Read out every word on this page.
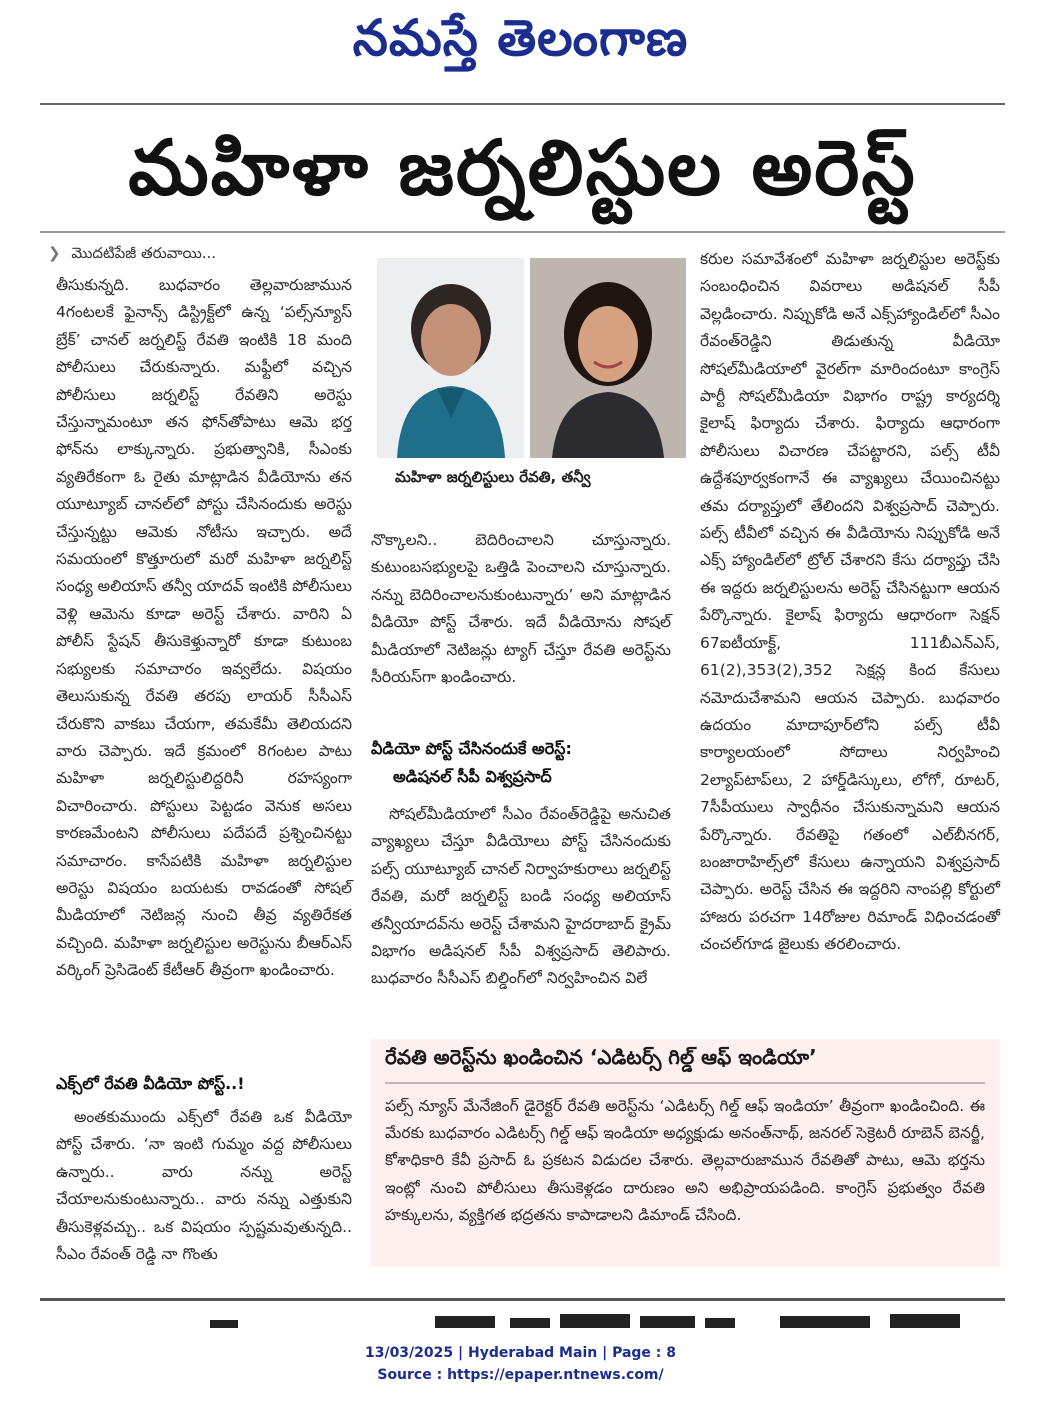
నమస్తే తెలంగాణ
మహిళా జర్నలిస్టుల అరెస్ట్
❯ మొదటిపేజీ తరువాయి...

తీసుకున్నది. బుధవారం తెల్లవారుజామున 4గంటలకే ఫైనాన్స్ డిస్ట్రిక్ట్‌లో ఉన్న ‘పల్స్‌న్యూస్ బ్రేక్’ చానల్ జర్నలిస్ట్ రేవతి ఇంటికి 18 మంది పోలీసులు చేరుకున్నారు. మఫ్టీలో వచ్చిన పోలీసులు జర్నలిస్ట్ రేవతిని అరెస్టు చేస్తున్నామంటూ తన ఫోన్‌తోపాటు ఆమె భర్త ఫోన్‌ను లాక్కున్నారు. ప్రభుత్వానికి, సీఎంకు వ్యతిరేకంగా ఓ రైతు మాట్లాడిన వీడియోను తన యూట్యూబ్ చానల్‌లో పోస్టు చేసినందుకు అరెస్టు చేస్తున్నట్టు ఆమెకు నోటీసు ఇచ్చారు. అదే సమయంలో కొత్తూరులో మరో మహిళా జర్నలిస్ట్ సంధ్య అలియాస్ తన్వీ యాదవ్ ఇంటికి పోలీసులు వెళ్లి ఆమెను కూడా అరెస్ట్ చేశారు. వారిని ఏ పోలీస్ స్టేషన్ తీసుకెళ్తున్నారో కూడా కుటుంబ సభ్యులకు సమాచారం ఇవ్వలేదు. విషయం తెలుసుకున్న రేవతి తరపు లాయర్ సీసీఎస్ చేరుకొని వాకబు చేయగా, తమకేమీ తెలియదని వారు చెప్పారు. ఇదే క్రమంలో 8గంటల పాటు మహిళా జర్నలిస్టులిద్దరినీ రహస్యంగా విచారించారు. పోస్టులు పెట్టడం వెనుక అసలు కారణమేంటని పోలీసులు పదేపదే ప్రశ్నించినట్టు సమాచారం. కాసేపటికి మహిళా జర్నలిస్టుల అరెస్టు విషయం బయటకు రావడంతో సోషల్ మీడియాలో నెటిజన్ల నుంచి తీవ్ర వ్యతిరేకత వచ్చింది. మహిళా జర్నలిస్టుల అరెస్టును బీఆర్‌ఎస్ వర్కింగ్ ప్రెసిడెంట్ కేటీఆర్ తీవ్రంగా ఖండించారు.

ఎక్స్‌లో రేవతి వీడియో పోస్ట్..!

అంతకుముందు ఎక్స్‌లో రేవతి ఒక వీడియో పోస్ట్ చేశారు. ‘నా ఇంటి గుమ్మం వద్ద పోలీసులు ఉన్నారు.. వారు నన్ను అరెస్ట్ చేయాలనుకుంటున్నారు.. వారు నన్ను ఎత్తుకుని తీసుకెళ్లవచ్చు.. ఒక విషయం స్పష్టమవుతున్నది.. సీఎం రేవంత్ రెడ్డి నా గొంతు

మహిళా జర్నలిస్టులు రేవతి, తన్వీ

నొక్కాలని.. బెదిరించాలని చూస్తున్నారు. కుటుంబసభ్యులపై ఒత్తిడి పెంచాలని చూస్తున్నారు. నన్ను బెదిరించాలనుకుంటున్నారు’ అని మాట్లాడిన వీడియో పోస్ట్ చేశారు. ఇదే వీడియోను సోషల్ మీడియాలో నెటిజన్లు ట్యాగ్ చేస్తూ రేవతి అరెస్ట్‌ను సీరియస్‌గా ఖండించారు.

వీడియో పోస్ట్ చేసినందుకే అరెస్ట్:
అడిషనల్ సీపీ విశ్వప్రసాద్

సోషల్‌మీడియాలో సీఎం రేవంత్‌రెడ్డిపై అనుచిత వ్యాఖ్యలు చేస్తూ వీడియోలు పోస్ట్ చేసినందుకు పల్స్ యూట్యూబ్ చానల్ నిర్వాహకురాలు జర్నలిస్ట్ రేవతి, మరో జర్నలిస్ట్ బండి సంధ్య అలియాస్ తన్వీయాదవ్‌ను అరెస్ట్ చేశామని హైదరాబాద్ క్రైమ్ విభాగం అడిషనల్ సీపీ విశ్వప్రసాద్ తెలిపారు. బుధవారం సీసీఎస్ బిల్డింగ్‌లో నిర్వహించిన విలే

కరుల సమావేశంలో మహిళా జర్నలిస్టుల అరెస్ట్‌కు సంబంధించిన వివరాలు అడిషనల్ సీపీ వెల్లడించారు. నిప్పుకోడి అనే ఎక్స్‌హ్యాండిల్‌లో సీఎం రేవంత్‌రెడ్డిని తిడుతున్న వీడియో సోషల్‌మీడియాలో వైరల్‌గా మారిందంటూ కాంగ్రెస్ పార్టీ సోషల్‌మీడియా విభాగం రాష్ట్ర కార్యదర్శి కైలాష్ ఫిర్యాదు చేశారు. ఫిర్యాదు ఆధారంగా పోలీసులు విచారణ చేపట్టారని, పల్స్ టీవీ ఉద్దేశపూర్వకంగానే ఈ వ్యాఖ్యలు చేయించినట్టు తమ దర్యాప్తులో తేలిందని విశ్వప్రసాద్ చెప్పారు. పల్స్ టీవీలో వచ్చిన ఈ వీడియోను నిప్పుకోడి అనే ఎక్స్ హ్యాండిల్‌లో ట్రోల్ చేశారని కేసు దర్యాప్తు చేసి ఈ ఇద్దరు జర్నలిస్టులను అరెస్ట్ చేసినట్టుగా ఆయన పేర్కొన్నారు. కైలాష్ ఫిర్యాదు ఆధారంగా సెక్షన్ 67ఐటీయాక్ట్, 111బీఎన్‌ఎస్, 61(2),353(2),352 సెక్షన్ల కింద కేసులు నమోదుచేశామని ఆయన చెప్పారు. బుధవారం ఉదయం మాదాపూర్‌లోని పల్స్ టీవీ కార్యాలయంలో సోదాలు నిర్వహించి 2ల్యాప్‌టాప్‌లు, 2 హార్డ్‌డిస్కులు, లోగో, రూటర్, 7సీపీయులు స్వాధీనం చేసుకున్నామని ఆయన పేర్కొన్నారు. రేవతిపై గతంలో ఎల్‌బీనగర్, బంజారాహిల్స్‌లో కేసులు ఉన్నాయని విశ్వప్రసాద్ చెప్పారు. అరెస్ట్ చేసిన ఈ ఇద్దరిని నాంపల్లి కోర్టులో హాజరు పరచగా 14రోజుల రిమాండ్ విధించడంతో చంచల్‌గూడ జైలుకు తరలించారు.

రేవతి అరెస్ట్‌ను ఖండించిన ‘ఎడిటర్స్ గిల్డ్ ఆఫ్ ఇండియా’
పల్స్ న్యూస్ మేనేజింగ్ డైరెక్టర్ రేవతి అరెస్ట్‌ను ‘ఎడిటర్స్ గిల్డ్ ఆఫ్ ఇండియా’ తీవ్రంగా ఖండించింది. ఈ మేరకు బుధవారం ఎడిటర్స్ గిల్డ్ ఆఫ్ ఇండియా అధ్యక్షుడు అనంత్‌నాథ్, జనరల్ సెక్రెటరీ రూబెన్ బెనర్జీ, కోశాధికారి కేవీ ప్రసాద్ ఓ ప్రకటన విడుదల చేశారు. తెల్లవారుజామున రేవతితో పాటు, ఆమె భర్తను ఇంట్లో నుంచి పోలీసులు తీసుకెళ్లడం దారుణం అని అభిప్రాయపడింది. కాంగ్రెస్ ప్రభుత్వం రేవతి హక్కులను, వ్యక్తిగత భద్రతను కాపాడాలని డిమాండ్ చేసింది.
13/03/2025 | Hyderabad Main | Page : 8
Source : https://epaper.ntnews.com/
